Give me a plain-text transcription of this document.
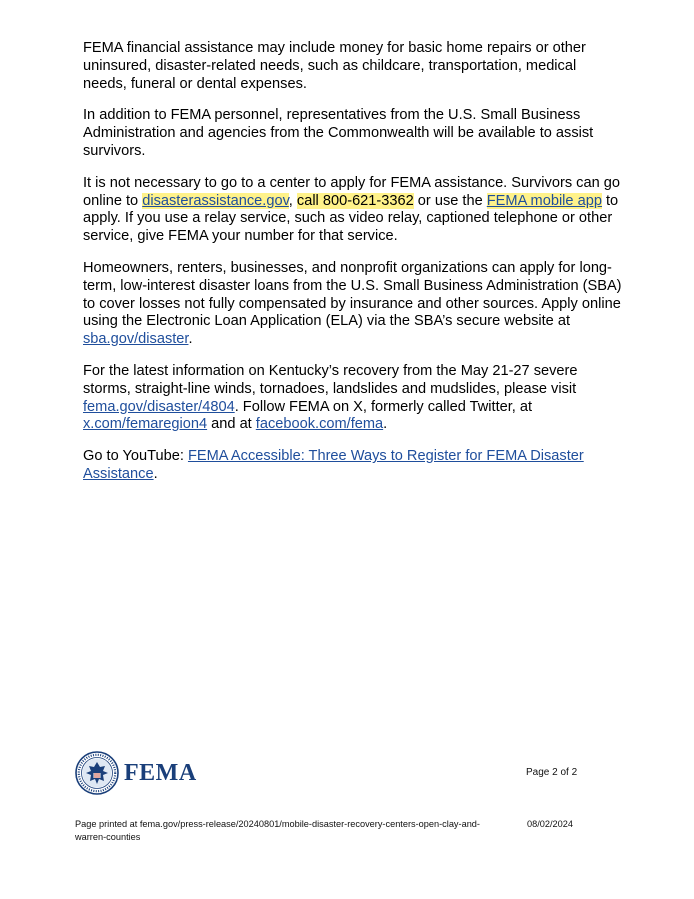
FEMA financial assistance may include money for basic home repairs or other uninsured, disaster-related needs, such as childcare, transportation, medical needs, funeral or dental expenses.

In addition to FEMA personnel, representatives from the U.S. Small Business Administration and agencies from the Commonwealth will be available to assist survivors.

It is not necessary to go to a center to apply for FEMA assistance. Survivors can go online to disasterassistance.gov, call 800-621-3362 or use the FEMA mobile app to apply. If you use a relay service, such as video relay, captioned telephone or other service, give FEMA your number for that service.

Homeowners, renters, businesses, and nonprofit organizations can apply for long-term, low-interest disaster loans from the U.S. Small Business Administration (SBA) to cover losses not fully compensated by insurance and other sources. Apply online using the Electronic Loan Application (ELA) via the SBA’s secure website at sba.gov/disaster.

For the latest information on Kentucky’s recovery from the May 21-27 severe storms, straight-line winds, tornadoes, landslides and mudslides, please visit fema.gov/disaster/4804. Follow FEMA on X, formerly called Twitter, at x.com/femaregion4 and at facebook.com/fema.

Go to YouTube: FEMA Accessible: Three Ways to Register for FEMA Disaster Assistance.

FEMA	Page 2 of 2
Page printed at fema.gov/press-release/20240801/mobile-disaster-recovery-centers-open-clay-and-warren-counties
08/02/2024
